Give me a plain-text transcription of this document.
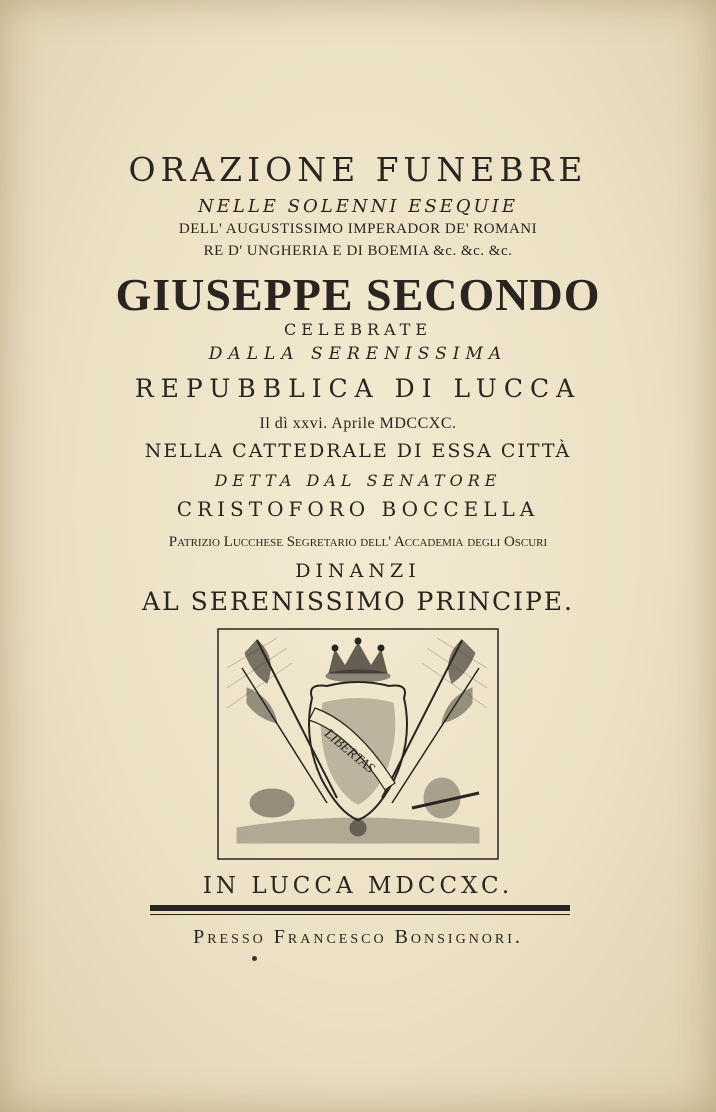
ORAZIONE FUNEBRE

NELLE SOLENNI ESEQUIE

DELL' AUGUSTISSIMO IMPERADOR DE' ROMANI

RE D' UNGHERIA E DI BOEMIA &c. &c. &c.

GIUSEPPE SECONDO

CELEBRATE

DALLA SERENISSIMA

REPUBBLICA DI LUCCA

Il dì xxvi. Aprile MDCCXC.

NELLA CATTEDRALE DI ESSA CITTÀ

DETTA DAL SENATORE

CRISTOFORO BOCCELLA

Patrizio Lucchese Segretario dell' Accademia degli Oscuri

DINANZI

AL SERENISSIMO PRINCIPE.

LIBERTAS

IN LUCCA MDCCXC.

Presso Francesco Bonsignori.
